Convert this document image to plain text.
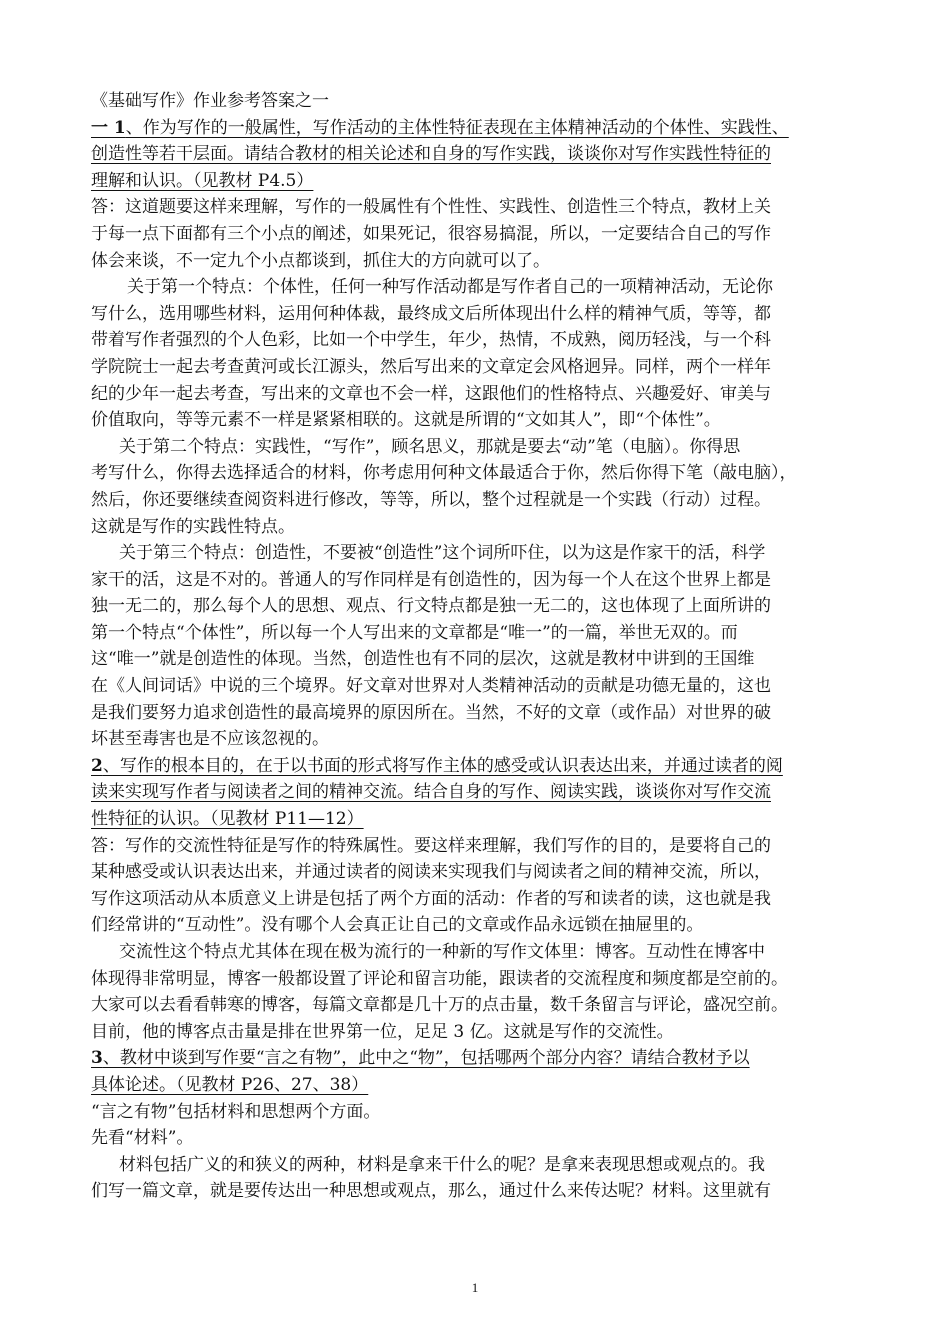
《基础写作》作业参考答案之一
一 1、作为写作的一般属性，写作活动的主体性特征表现在主体精神活动的个体性、实践性、
创造性等若干层面。请结合教材的相关论述和自身的写作实践，谈谈你对写作实践性特征的
理解和认识。（见教材 P4.5）
答：这道题要这样来理解，写作的一般属性有个性性、实践性、创造性三个特点，教材上关
于每一点下面都有三个小点的阐述，如果死记，很容易搞混，所以，一定要结合自己的写作
体会来谈，不一定九个小点都谈到，抓住大的方向就可以了。
关于第一个特点：个体性，任何一种写作活动都是写作者自己的一项精神活动，无论你
写什么，选用哪些材料，运用何种体裁，最终成文后所体现出什么样的精神气质，等等，都
带着写作者强烈的个人色彩，比如一个中学生，年少，热情，不成熟，阅历轻浅，与一个科
学院院士一起去考查黄河或长江源头，然后写出来的文章定会风格迥异。同样，两个一样年
纪的少年一起去考查，写出来的文章也不会一样，这跟他们的性格特点、兴趣爱好、审美与
价值取向，等等元素不一样是紧紧相联的。这就是所谓的“文如其人”，即“个体性”。
关于第二个特点：实践性，“写作”，顾名思义，那就是要去“动”笔（电脑）。你得思
考写什么，你得去选择适合的材料，你考虑用何种文体最适合于你，然后你得下笔（敲电脑），
然后，你还要继续查阅资料进行修改，等等，所以，整个过程就是一个实践（行动）过程。
这就是写作的实践性特点。
关于第三个特点：创造性，不要被“创造性”这个词所吓住，以为这是作家干的活，科学
家干的活，这是不对的。普通人的写作同样是有创造性的，因为每一个人在这个世界上都是
独一无二的，那么每个人的思想、观点、行文特点都是独一无二的，这也体现了上面所讲的
第一个特点“个体性”，所以每一个人写出来的文章都是“唯一”的一篇，举世无双的。而
这“唯一”就是创造性的体现。当然，创造性也有不同的层次，这就是教材中讲到的王国维
在《人间词话》中说的三个境界。好文章对世界对人类精神活动的贡献是功德无量的，这也
是我们要努力追求创造性的最高境界的原因所在。当然，不好的文章（或作品）对世界的破
坏甚至毒害也是不应该忽视的。
2、写作的根本目的，在于以书面的形式将写作主体的感受或认识表达出来，并通过读者的阅
读来实现写作者与阅读者之间的精神交流。结合自身的写作、阅读实践，谈谈你对写作交流
性特征的认识。（见教材 P11—12）
答：写作的交流性特征是写作的特殊属性。要这样来理解，我们写作的目的，是要将自己的
某种感受或认识表达出来，并通过读者的阅读来实现我们与阅读者之间的精神交流，所以，
写作这项活动从本质意义上讲是包括了两个方面的活动：作者的写和读者的读，这也就是我
们经常讲的“互动性”。没有哪个人会真正让自己的文章或作品永远锁在抽屉里的。
交流性这个特点尤其体在现在极为流行的一种新的写作文体里：博客。互动性在博客中
体现得非常明显，博客一般都设置了评论和留言功能，跟读者的交流程度和频度都是空前的。
大家可以去看看韩寒的博客，每篇文章都是几十万的点击量，数千条留言与评论，盛况空前。
目前，他的博客点击量是排在世界第一位，足足 3 亿。这就是写作的交流性。
3、教材中谈到写作要“言之有物”，此中之“物”，包括哪两个部分内容？请结合教材予以
具体论述。（见教材 P26、27、38）
“言之有物”包括材料和思想两个方面。
先看“材料”。
材料包括广义的和狭义的两种，材料是拿来干什么的呢？是拿来表现思想或观点的。我
们写一篇文章，就是要传达出一种思想或观点，那么，通过什么来传达呢？材料。这里就有
1
